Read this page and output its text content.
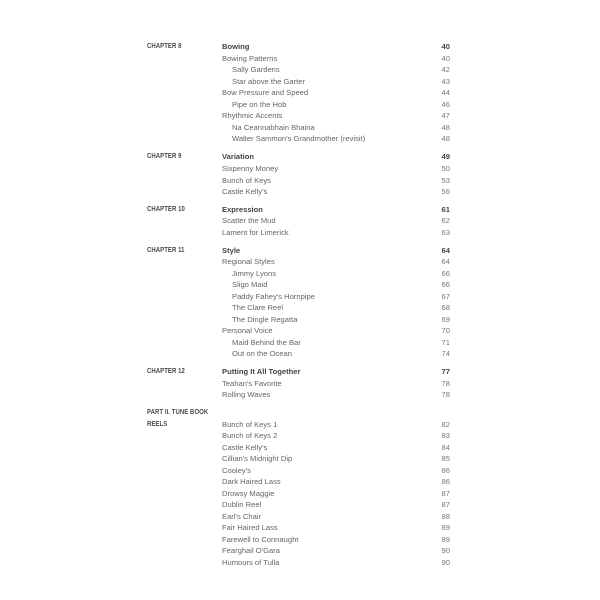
CHAPTER 8	Bowing	40
Bowing Patterns	40
Sally Gardens	42
Star above the Garter	43
Bow Pressure and Speed	44
Pipe on the Hob	46
Rhythmic Accents	47
Na Ceannabhain Bhaina	48
Walter Sammon's Grandmother (revisit)	48
CHAPTER 9	Variation	49
Sixpenny Money	50
Bunch of Keys	53
Castle Kelly's	56
CHAPTER 10	Expression	61
Scatter the Mud	62
Lament for Limerick	63
CHAPTER 11	Style	64
Regional Styles	64
Jimmy Lyons	66
Sligo Maid	66
Paddy Fahey's Hornpipe	67
The Clare Reel	68
The Dingle Regatta	69
Personal Voice	70
Maid Behind the Bar	71
Out on the Ocean	74
CHAPTER 12	Putting It All Together	77
Teahan's Favorite	78
Rolling Waves	78
PART II. TUNE BOOK
REELS	Bunch of Keys 1	82
Bunch of Keys 2	83
Castle Kelly's	84
Cillian's Midnight Dip	85
Cooley's	86
Dark Haired Lass	86
Drowsy Maggie	87
Dublin Reel	87
Earl's Chair	88
Fair Haired Lass	89
Farewell to Connaught	89
Fearghail O'Gara	90
Humours of Tulla	90
